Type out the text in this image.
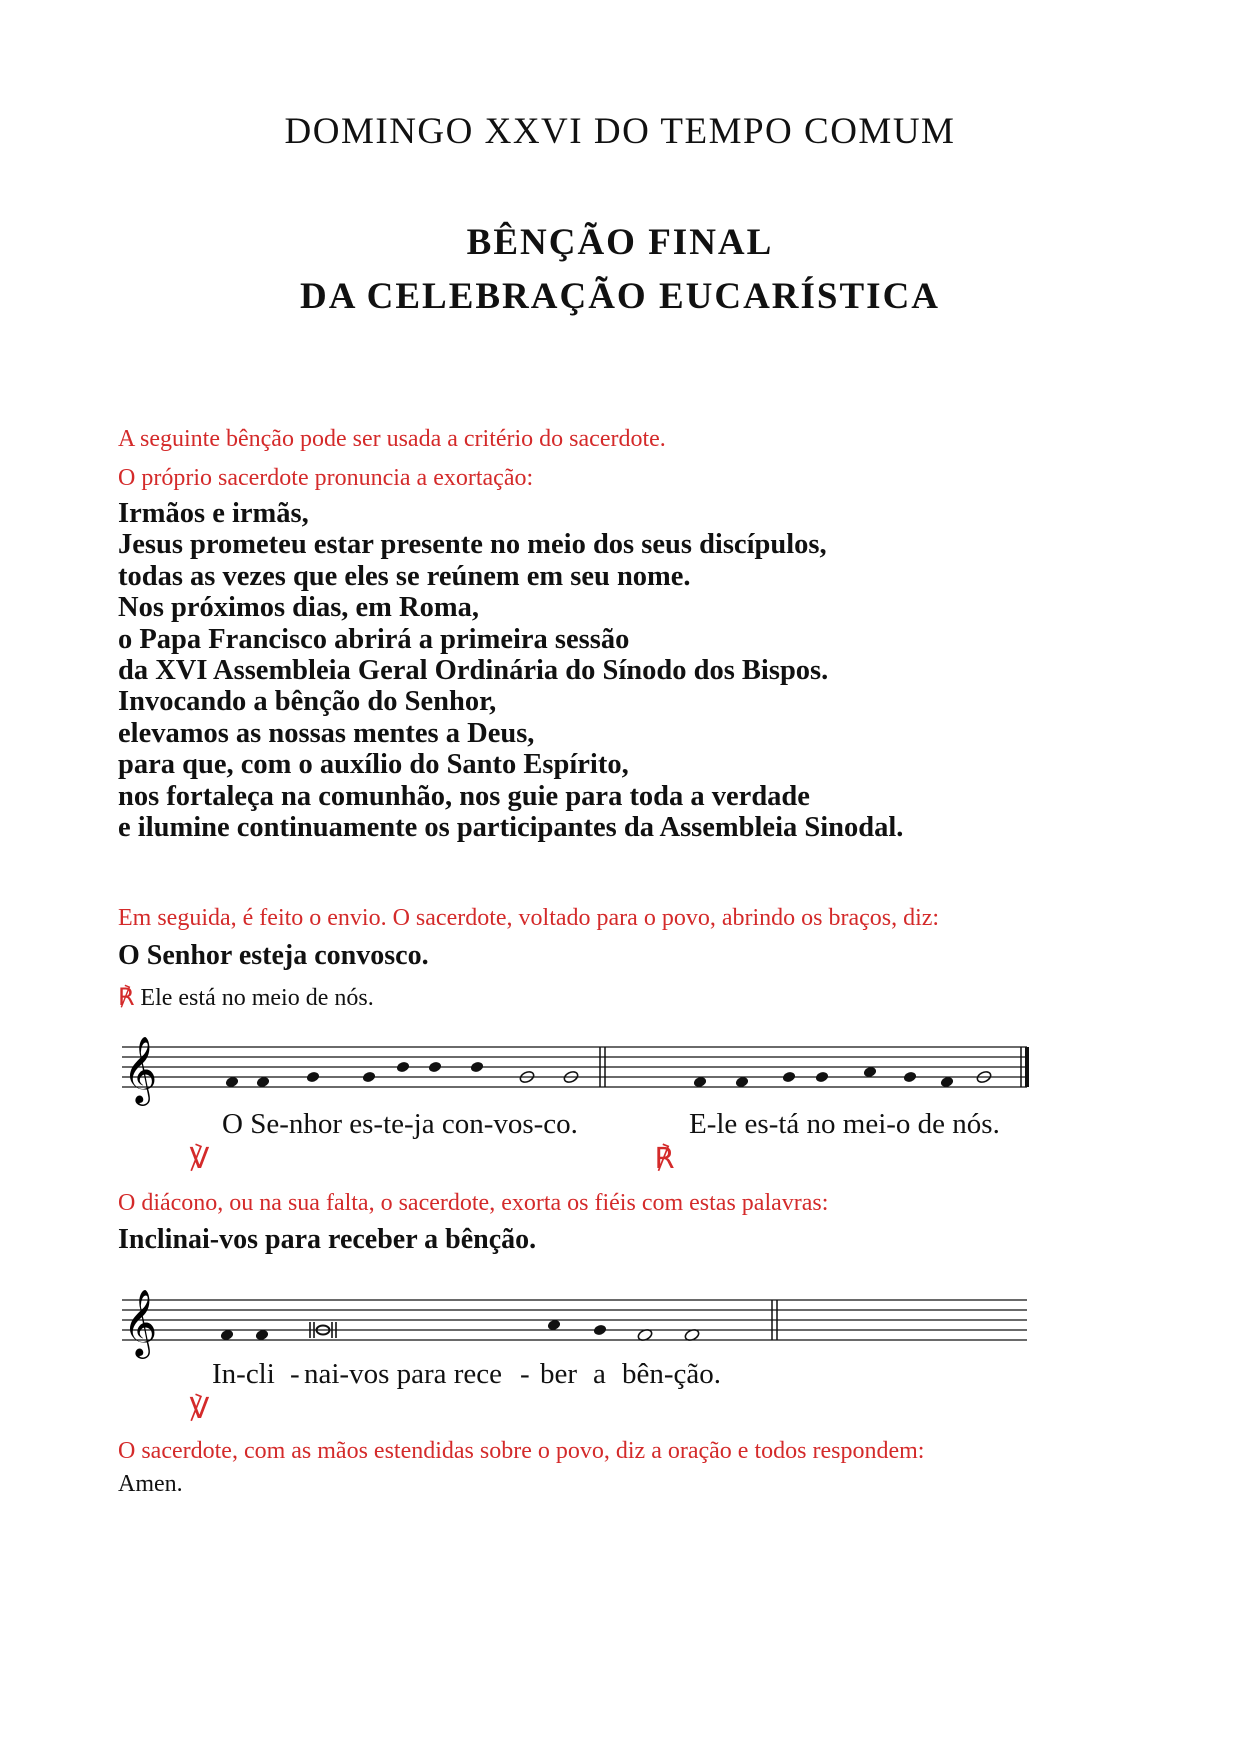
DOMINGO XXVI DO TEMPO COMUM
BÊNÇÃO FINAL
DA CELEBRAÇÃO EUCARÍSTICA
A seguinte bênção pode ser usada a critério do sacerdote.
O próprio sacerdote pronuncia a exortação:
Irmãos e irmãs,
Jesus prometeu estar presente no meio dos seus discípulos,
todas as vezes que eles se reúnem em seu nome.
Nos próximos dias, em Roma,
o Papa Francisco abrirá a primeira sessão
da XVI Assembleia Geral Ordinária do Sínodo dos Bispos.
Invocando a bênção do Senhor,
elevamos as nossas mentes a Deus,
para que, com o auxílio do Santo Espírito,
nos fortaleça na comunhão, nos guie para toda a verdade
e ilumine continuamente os participantes da Assembleia Sinodal.
Em seguida, é feito o envio. O sacerdote, voltado para o povo, abrindo os braços, diz:
O Senhor esteja convosco.
℟ Ele está no meio de nós.
𝄞

℣

O Se-nhor es-te-ja con-vos-co.

℟

E-le es-tá no mei-o de nós.
O diácono, ou na sua falta, o sacerdote, exorta os fiéis com estas palavras:
Inclinai-vos para receber a bênção.
𝄞

℣

In-cli - nai-vos para rece - ber a bên-ção.
O sacerdote, com as mãos estendidas sobre o povo, diz a oração e todos respondem:
Amen.
